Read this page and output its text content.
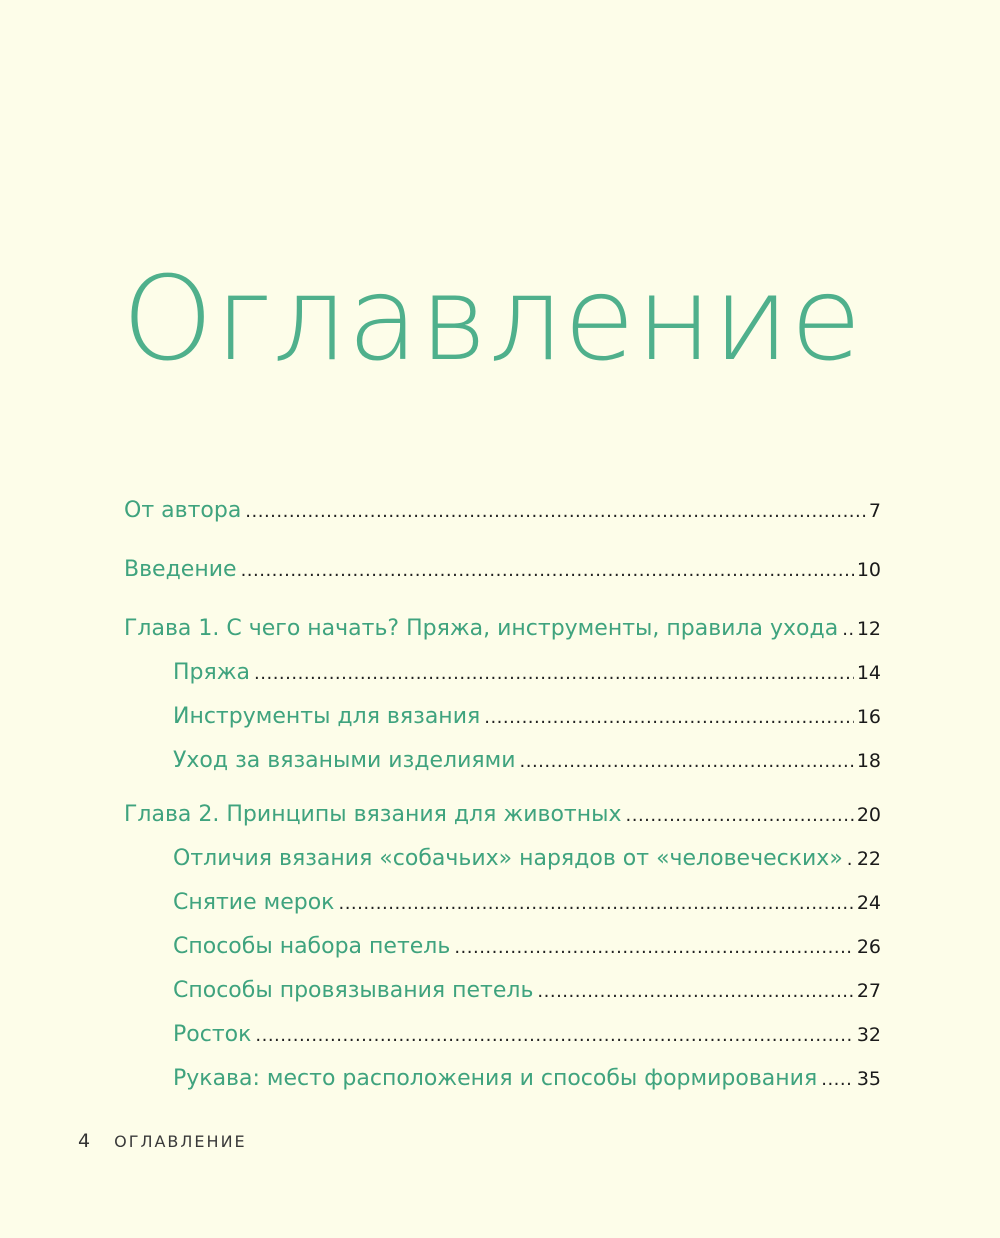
Оглавление
От автора .....	7
Введение .....	10
Глава 1. С чего начать? Пряжа, инструменты, правила ухода ..... 12
Пряжа .....	14
Инструменты для вязания .....	16
Уход за вязаными изделиями .....	18
Глава 2. Принципы вязания для животных .....	20
Отличия вязания «собачьих» нарядов от «человеческих» ..... 22
Снятие мерок .....	24
Способы набора петель .....	26
Способы провязывания петель .....	27
Росток .....	32
Рукава: место расположения и способы формирования ..... 35
4 ОГЛАВЛЕНИЕ
